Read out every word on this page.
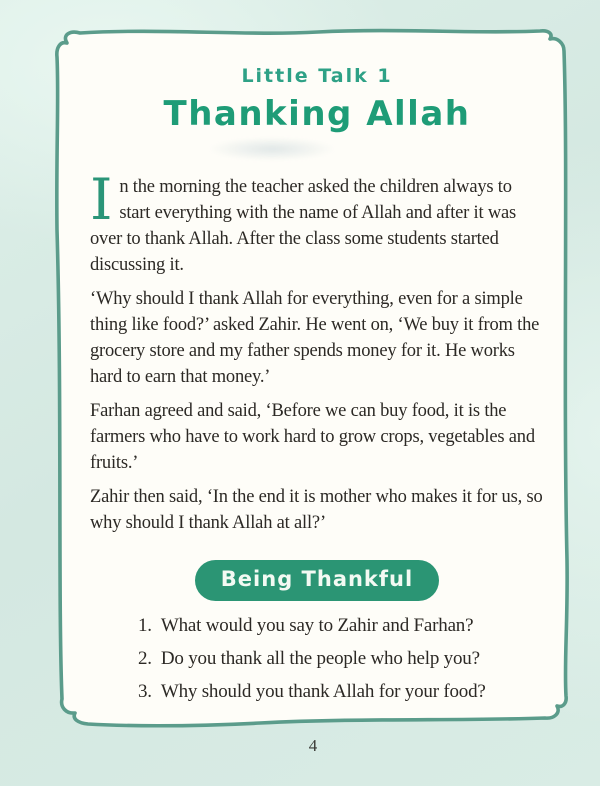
Little Talk 1
Thanking Allah

In the morning the teacher asked the children always to start everything with the name of Allah and after it was over to thank Allah. After the class some students started discussing it.

‘Why should I thank Allah for everything, even for a simple thing like food?’ asked Zahir. He went on, ‘We buy it from the grocery store and my father spends money for it. He works hard to earn that money.’

Farhan agreed and said, ‘Before we can buy food, it is the farmers who have to work hard to grow crops, vegetables and fruits.’

Zahir then said, ‘In the end it is mother who makes it for us, so why should I thank Allah at all?’

Being Thankful
1. What would you say to Zahir and Farhan?
2. Do you thank all the people who help you?
3. Why should you thank Allah for your food?
4
